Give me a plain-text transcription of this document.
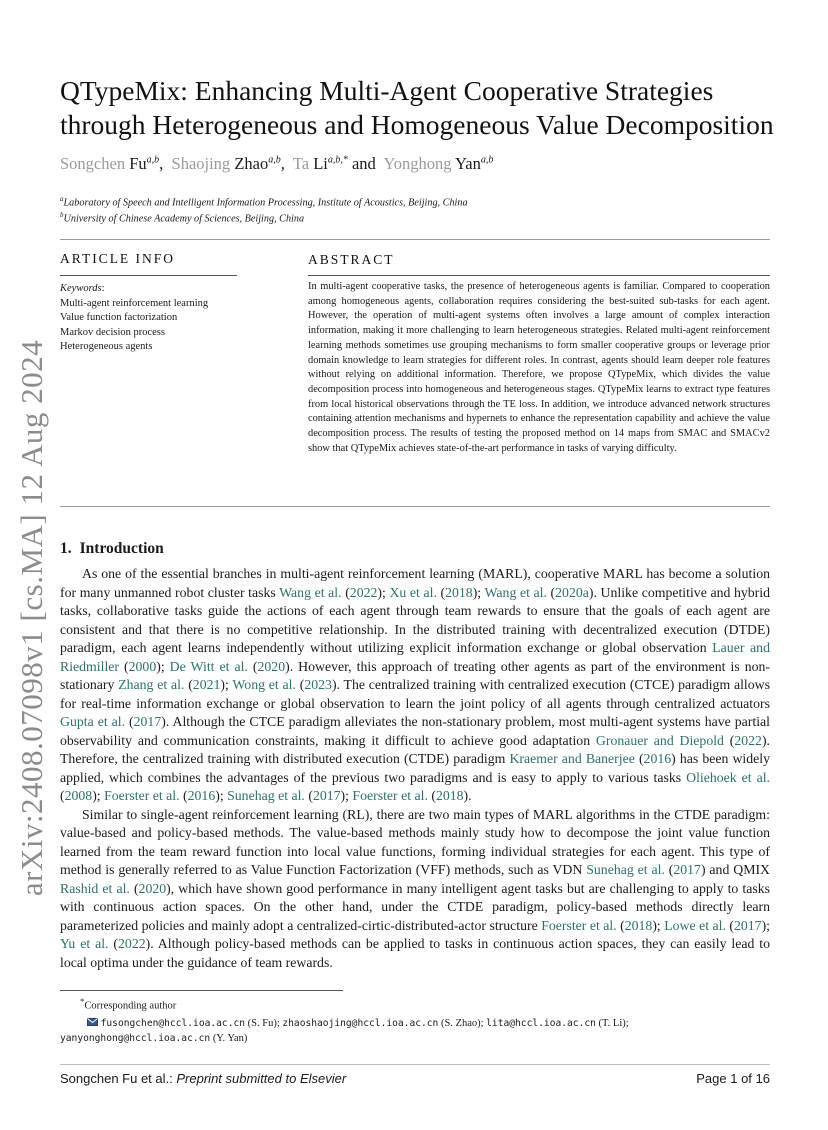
arXiv:2408.07098v1 [cs.MA] 12 Aug 2024
QTypeMix: Enhancing Multi-Agent Cooperative Strategies through Heterogeneous and Homogeneous Value Decomposition
Songchen Fu$^{a,b}$, Shaojing Zhao$^{a,b}$, Ta $Li^{a,b,*}$ and Yonghong Yan$^{a,b}$
$^a$Laboratory of Speech and Intelligent Information Processing, Institute of Acoustics, Beijing, China
$^b$University of Chinese Academy of Sciences, Beijing, China
ARTICLE INFO
Keywords:
Multi-agent reinforcement learning
Value function factorization
Markov decision process
Heterogeneous agents
ABSTRACT
In multi-agent cooperative tasks, the presence of heterogeneous agents is familiar. Compared to cooperation among homogeneous agents, collaboration requires considering the best-suited sub-tasks for each agent. However, the operation of multi-agent systems often involves a large amount of complex interaction information, making it more challenging to learn heterogeneous strategies. Related multi-agent reinforcement learning methods sometimes use grouping mechanisms to form smaller cooperative groups or leverage prior domain knowledge to learn strategies for different roles. In contrast, agents should learn deeper role features without relying on additional information. Therefore, we propose QTypeMix, which divides the value decomposition process into homogeneous and heterogeneous stages. QTypeMix learns to extract type features from local historical observations through the TE loss. In addition, we introduce advanced network structures containing attention mechanisms and hypernets to enhance the representation capability and achieve the value decomposition process. The results of testing the proposed method on 14 maps from SMAC and SMACv2 show that QTypeMix achieves state-of-the-art performance in tasks of varying difficulty.
1. Introduction

As one of the essential branches in multi-agent reinforcement learning (MARL), cooperative MARL has become a solution for many unmanned robot cluster tasks Wang et al. (2022); Xu et al. (2018); Wang et al. (2020a). Unlike competitive and hybrid tasks, collaborative tasks guide the actions of each agent through team rewards to ensure that the goals of each agent are consistent and that there is no competitive relationship. In the distributed training with decentralized execution (DTDE) paradigm, each agent learns independently without utilizing explicit information exchange or global observation Lauer and Riedmiller (2000); De Witt et al. (2020). However, this approach of treating other agents as part of the environment is non-stationary Zhang et al. (2021); Wong et al. (2023). The centralized training with centralized execution (CTCE) paradigm allows for real-time information exchange or global observation to learn the joint policy of all agents through centralized actuators Gupta et al. (2017). Although the CTCE paradigm alleviates the non-stationary problem, most multi-agent systems have partial observability and communication constraints, making it difficult to achieve good adaptation Gronauer and Diepold (2022). Therefore, the centralized training with distributed execution (CTDE) paradigm Kraemer and Banerjee (2016) has been widely applied, which combines the advantages of the previous two paradigms and is easy to apply to various tasks Oliehoek et al. (2008); Foerster et al. (2016); Sunehag et al. (2017); Foerster et al. (2018).

Similar to single-agent reinforcement learning (RL), there are two main types of MARL algorithms in the CTDE paradigm: value-based and policy-based methods. The value-based methods mainly study how to decompose the joint value function learned from the team reward function into local value functions, forming individual strategies for each agent. This type of method is generally referred to as Value Function Factorization (VFF) methods, such as VDN Sunehag et al. (2017) and QMIX Rashid et al. (2020), which have shown good performance in many intelligent agent tasks but are challenging to apply to tasks with continuous action spaces. On the other hand, under the CTDE paradigm, policy-based methods directly learn parameterized policies and mainly adopt a centralized-cirtic-distributed-actor structure Foerster et al. (2018); Lowe et al. (2017); Yu et al. (2022). Although policy-based methods can be applied to tasks in continuous action spaces, they can easily lead to local optima under the guidance of team rewards.

*Corresponding author
fusongchen@hccl.ioa.ac.cn (S. Fu); zhaoshaojing@hccl.ioa.ac.cn (S. Zhao); lita@hccl.ioa.ac.cn (T. Li);
yanyonghong@hccl.ioa.ac.cn (Y. Yan)
Songchen Fu et al.: Preprint submitted to Elsevier	Page 1 of 16
